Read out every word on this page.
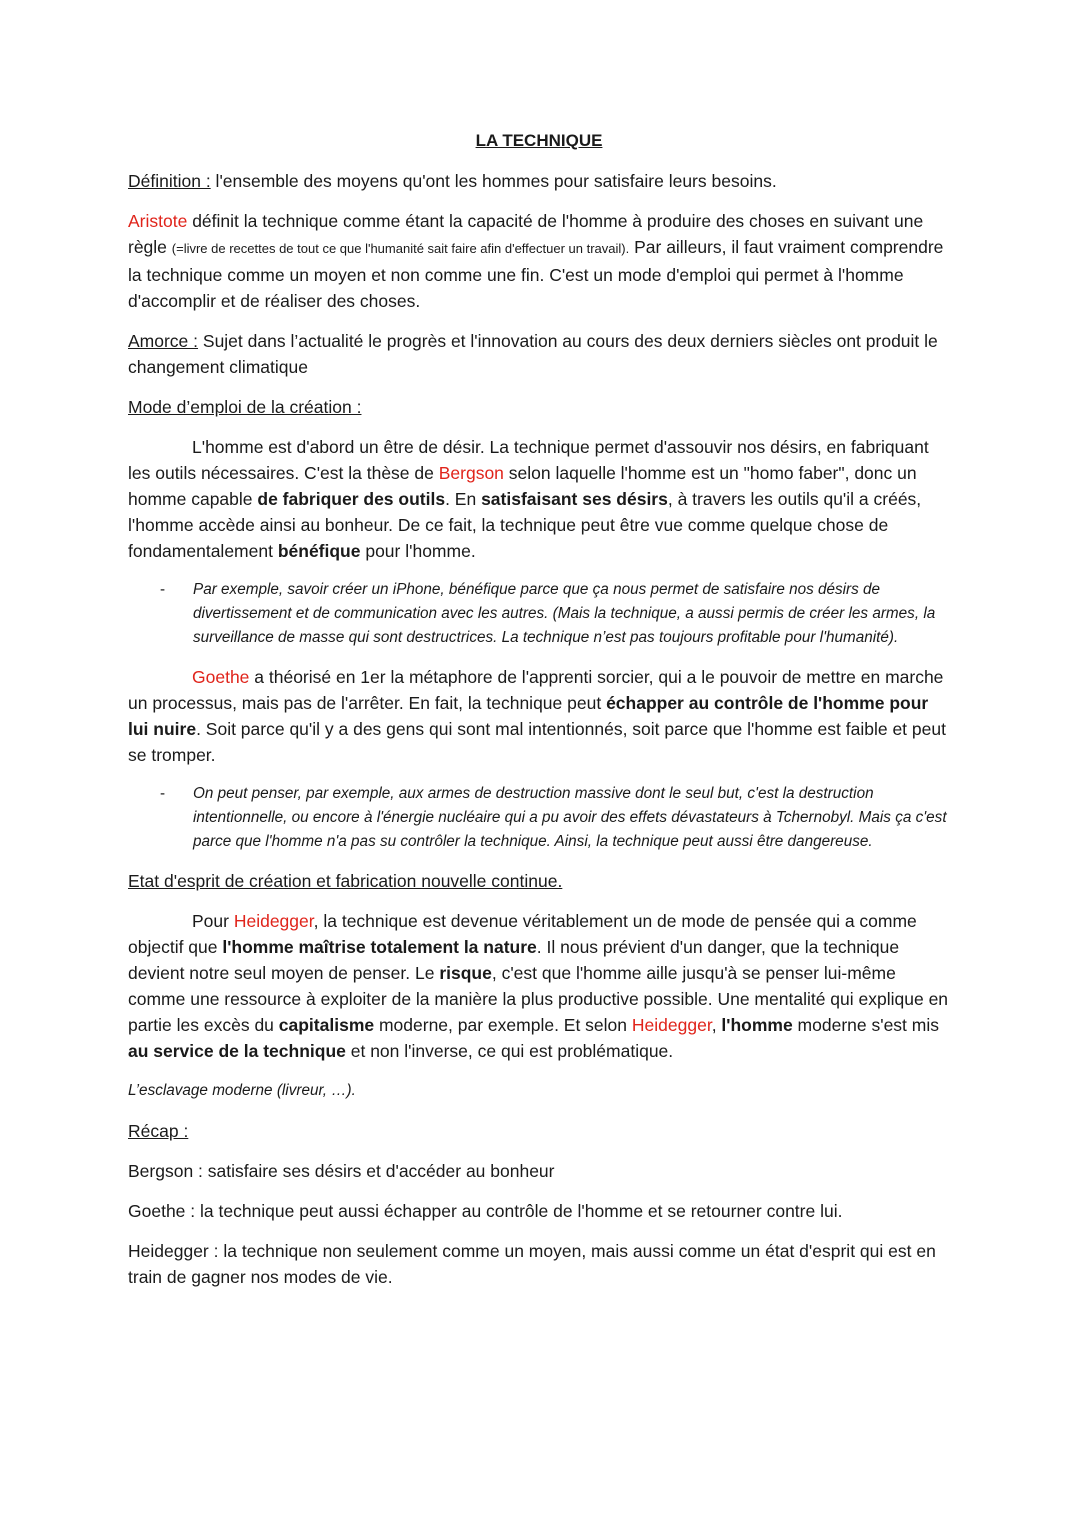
LA TECHNIQUE

Définition : l'ensemble des moyens qu'ont les hommes pour satisfaire leurs besoins.

Aristote définit la technique comme étant la capacité de l'homme à produire des choses en suivant une règle (=livre de recettes de tout ce que l'humanité sait faire afin d'effectuer un travail). Par ailleurs, il faut vraiment comprendre la technique comme un moyen et non comme une fin. C'est un mode d'emploi qui permet à l'homme d'accomplir et de réaliser des choses.

Amorce : Sujet dans l’actualité le progrès et l'innovation au cours des deux derniers siècles ont produit le changement climatique

Mode d’emploi de la création :

L'homme est d'abord un être de désir. La technique permet d'assouvir nos désirs, en fabriquant les outils nécessaires. C'est la thèse de Bergson selon laquelle l'homme est un "homo faber", donc un homme capable de fabriquer des outils. En satisfaisant ses désirs, à travers les outils qu'il a créés, l'homme accède ainsi au bonheur. De ce fait, la technique peut être vue comme quelque chose de fondamentalement bénéfique pour l'homme.

- Par exemple, savoir créer un iPhone, bénéfique parce que ça nous permet de satisfaire nos désirs de divertissement et de communication avec les autres. (Mais la technique, a aussi permis de créer les armes, la surveillance de masse qui sont destructrices. La technique n’est pas toujours profitable pour l'humanité).

Goethe a théorisé en 1er la métaphore de l'apprenti sorcier, qui a le pouvoir de mettre en marche un processus, mais pas de l'arrêter. En fait, la technique peut échapper au contrôle de l'homme pour lui nuire. Soit parce qu'il y a des gens qui sont mal intentionnés, soit parce que l'homme est faible et peut se tromper.

- On peut penser, par exemple, aux armes de destruction massive dont le seul but, c'est la destruction intentionnelle, ou encore à l'énergie nucléaire qui a pu avoir des effets dévastateurs à Tchernobyl. Mais ça c'est parce que l'homme n'a pas su contrôler la technique. Ainsi, la technique peut aussi être dangereuse.

Etat d'esprit de création et fabrication nouvelle continue.

Pour Heidegger, la technique est devenue véritablement un de mode de pensée qui a comme objectif que l'homme maîtrise totalement la nature. Il nous prévient d'un danger, que la technique devient notre seul moyen de penser. Le risque, c'est que l'homme aille jusqu'à se penser lui-même comme une ressource à exploiter de la manière la plus productive possible. Une mentalité qui explique en partie les excès du capitalisme moderne, par exemple. Et selon Heidegger, l'homme moderne s'est mis au service de la technique et non l'inverse, ce qui est problématique.

L’esclavage moderne (livreur, …).

Récap :

Bergson : satisfaire ses désirs et d'accéder au bonheur

Goethe : la technique peut aussi échapper au contrôle de l'homme et se retourner contre lui.

Heidegger : la technique non seulement comme un moyen, mais aussi comme un état d'esprit qui est en train de gagner nos modes de vie.
